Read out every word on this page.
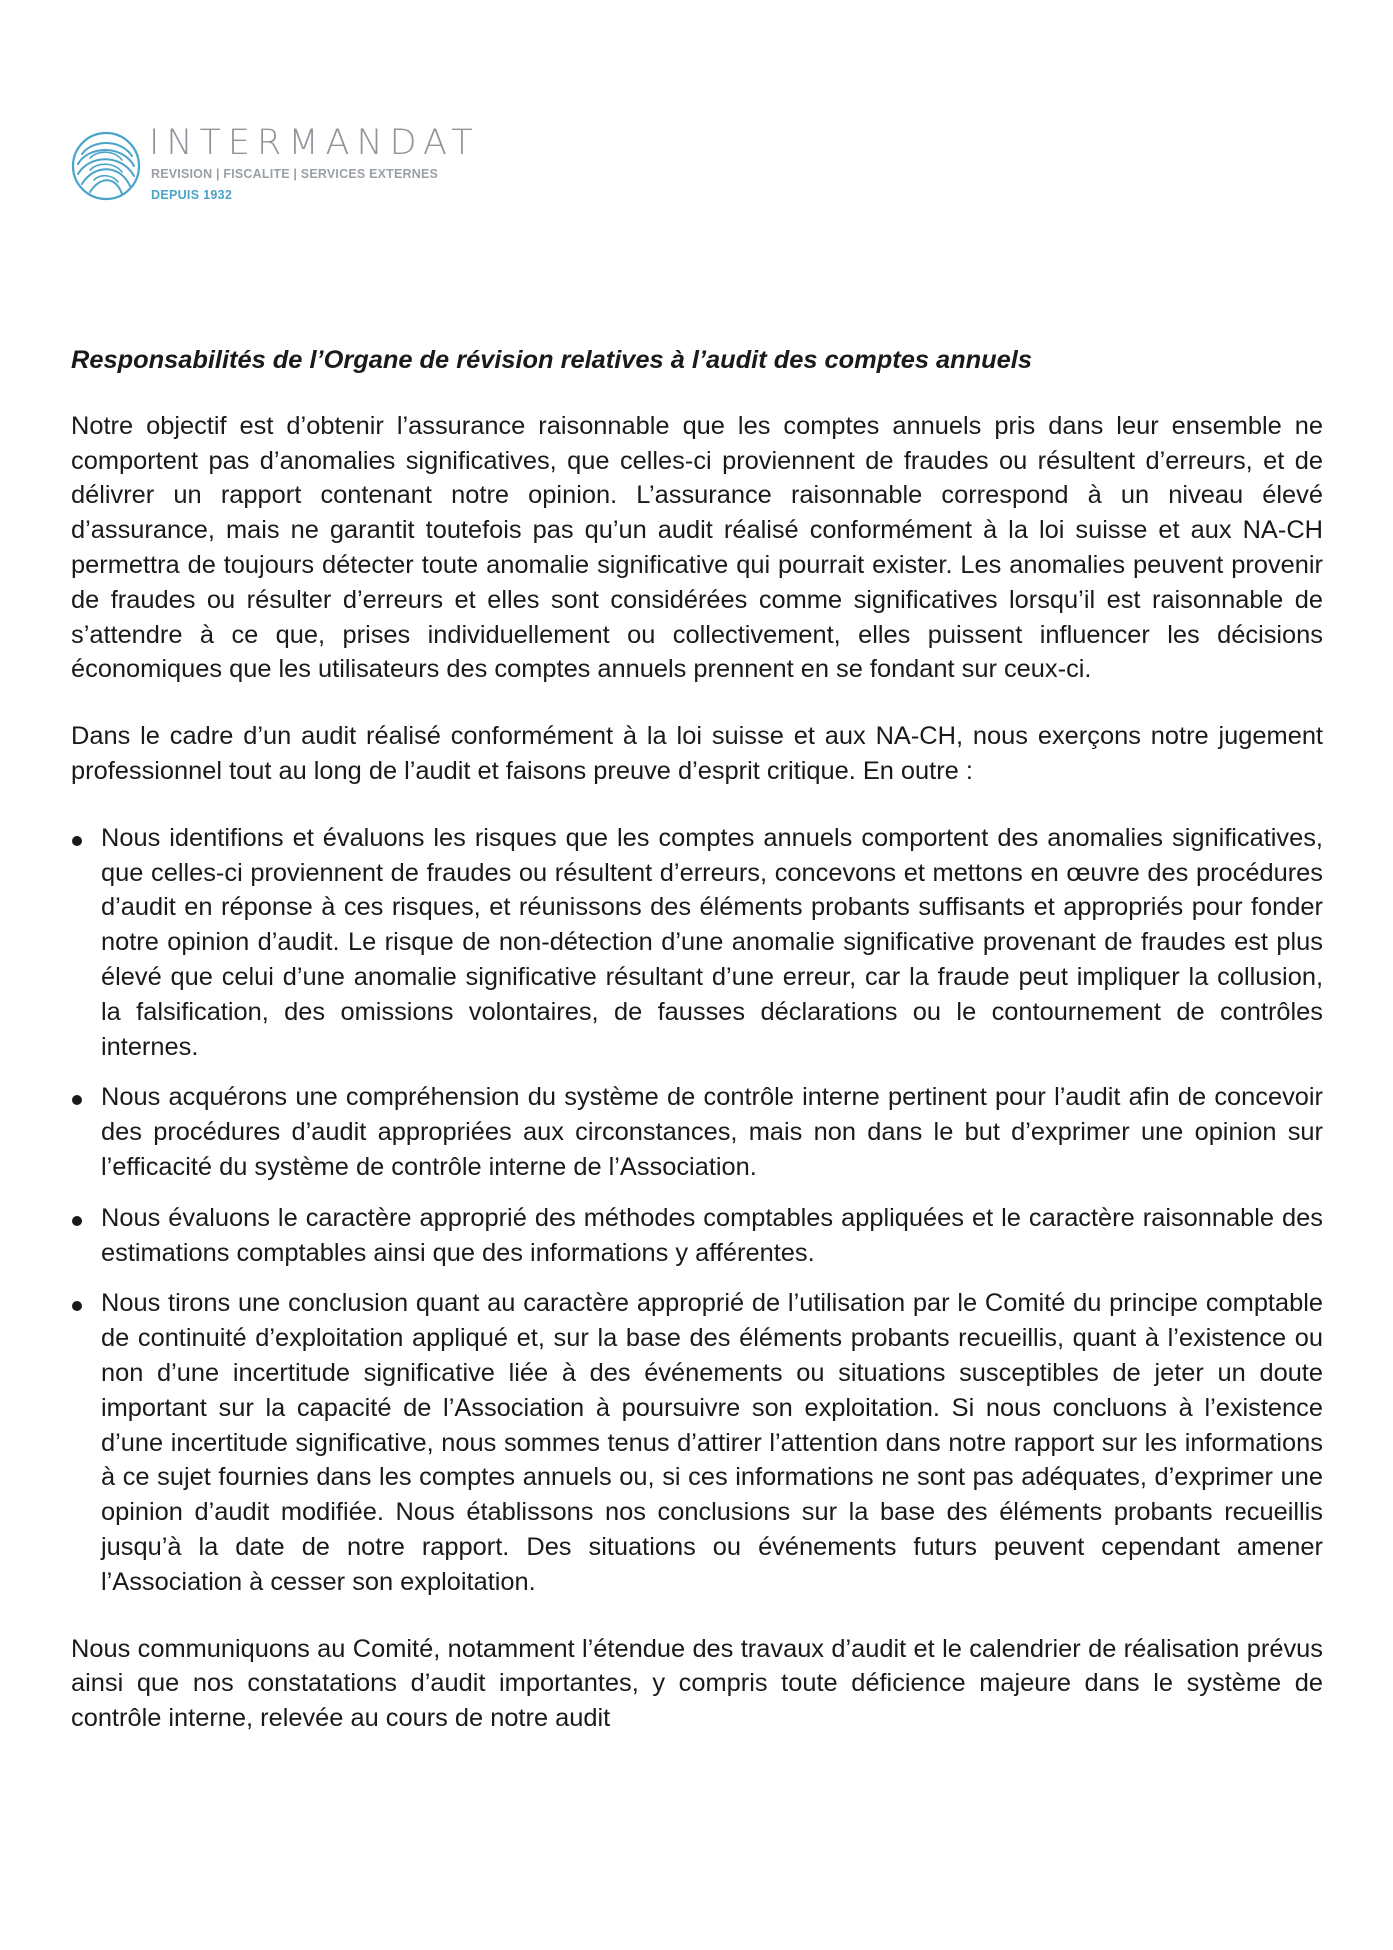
INTERMANDAT
REVISION | FISCALITE | SERVICES EXTERNES
DEPUIS 1932

Responsabilités de l’Organe de révision relatives à l’audit des comptes annuels

Notre objectif est d’obtenir l’assurance raisonnable que les comptes annuels pris dans leur ensemble ne comportent pas d’anomalies significatives, que celles-ci proviennent de fraudes ou résultent d’erreurs, et de délivrer un rapport contenant notre opinion. L’assurance raisonnable correspond à un niveau élevé d’assurance, mais ne garantit toutefois pas qu’un audit réalisé conformément à la loi suisse et aux NA-CH permettra de toujours détecter toute anomalie significative qui pourrait exister. Les anomalies peuvent provenir de fraudes ou résulter d’erreurs et elles sont considérées comme significatives lorsqu’il est raisonnable de s’attendre à ce que, prises individuellement ou collectivement, elles puissent influencer les décisions économiques que les utilisateurs des comptes annuels prennent en se fondant sur ceux-ci.

Dans le cadre d’un audit réalisé conformément à la loi suisse et aux NA-CH, nous exerçons notre jugement professionnel tout au long de l’audit et faisons preuve d’esprit critique. En outre :

Nous identifions et évaluons les risques que les comptes annuels comportent des anomalies significatives, que celles-ci proviennent de fraudes ou résultent d’erreurs, concevons et mettons en œuvre des procédures d’audit en réponse à ces risques, et réunissons des éléments probants suffisants et appropriés pour fonder notre opinion d’audit. Le risque de non-détection d’une anomalie significative provenant de fraudes est plus élevé que celui d’une anomalie significative résultant d’une erreur, car la fraude peut impliquer la collusion, la falsification, des omissions volontaires, de fausses déclarations ou le contournement de contrôles internes.
Nous acquérons une compréhension du système de contrôle interne pertinent pour l’audit afin de concevoir des procédures d’audit appropriées aux circonstances, mais non dans le but d’exprimer une opinion sur l’efficacité du système de contrôle interne de l’Association.
Nous évaluons le caractère approprié des méthodes comptables appliquées et le caractère raisonnable des estimations comptables ainsi que des informations y afférentes.
Nous tirons une conclusion quant au caractère approprié de l’utilisation par le Comité du principe comptable de continuité d’exploitation appliqué et, sur la base des éléments probants recueillis, quant à l’existence ou non d’une incertitude significative liée à des événements ou situations susceptibles de jeter un doute important sur la capacité de l’Association à poursuivre son exploitation. Si nous concluons à l’existence d’une incertitude significative, nous sommes tenus d’attirer l’attention dans notre rapport sur les informations à ce sujet fournies dans les comptes annuels ou, si ces informations ne sont pas adéquates, d’exprimer une opinion d’audit modifiée. Nous établissons nos conclusions sur la base des éléments probants recueillis jusqu’à la date de notre rapport. Des situations ou événements futurs peuvent cependant amener l’Association à cesser son exploitation.

Nous communiquons au Comité, notamment l’étendue des travaux d’audit et le calendrier de réalisation prévus ainsi que nos constatations d’audit importantes, y compris toute déficience majeure dans le système de contrôle interne, relevée au cours de notre audit
